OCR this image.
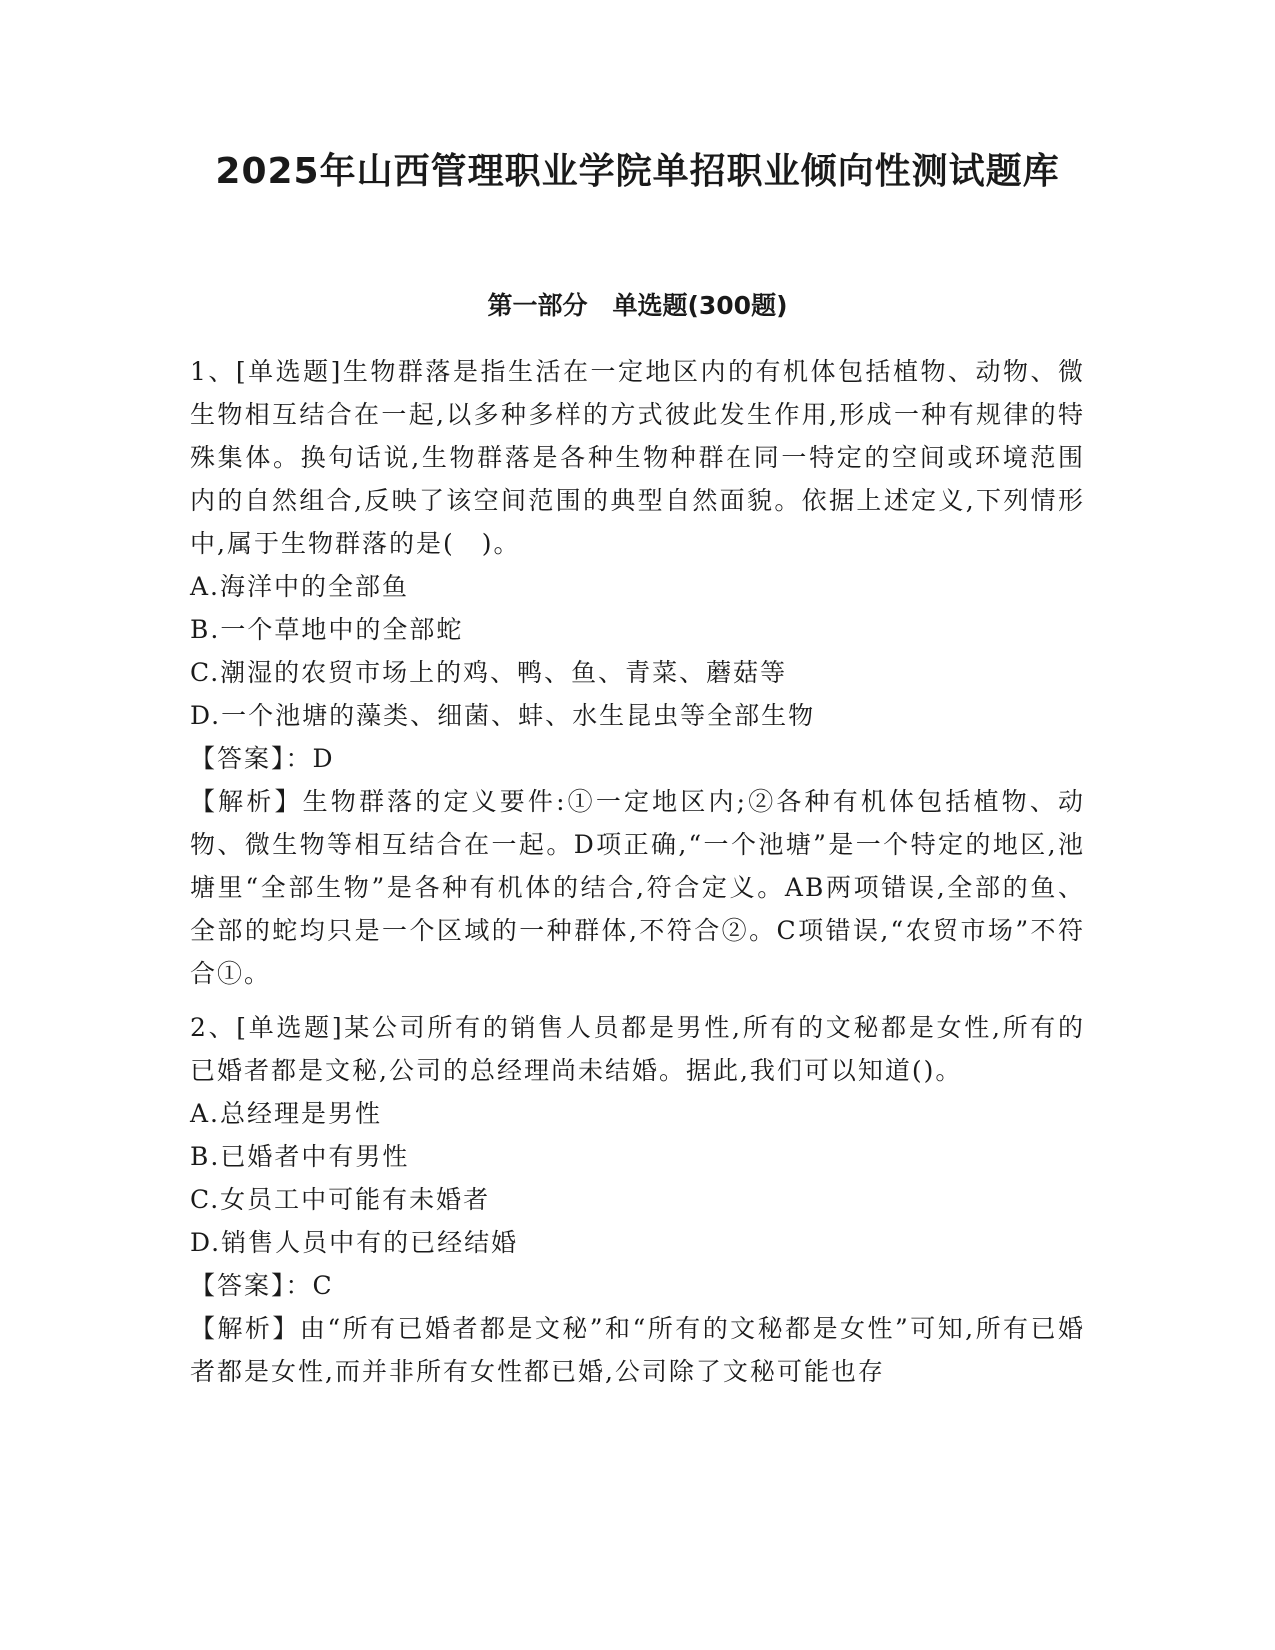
2025年山西管理职业学院单招职业倾向性测试题库
第一部分　单选题(300题)

1、[单选题]生物群落是指生活在一定地区内的有机体包括植物、动物、微生物相互结合在一起,以多种多样的方式彼此发生作用,形成一种有规律的特殊集体。换句话说,生物群落是各种生物种群在同一特定的空间或环境范围内的自然组合,反映了该空间范围的典型自然面貌。依据上述定义,下列情形中,属于生物群落的是(　)。

A.海洋中的全部鱼
B.一个草地中的全部蛇
C.潮湿的农贸市场上的鸡、鸭、鱼、青菜、蘑菇等
D.一个池塘的藻类、细菌、蚌、水生昆虫等全部生物

【答案】：D

【解析】生物群落的定义要件:①一定地区内;②各种有机体包括植物、动物、微生物等相互结合在一起。D项正确,“一个池塘”是一个特定的地区,池塘里“全部生物”是各种有机体的结合,符合定义。AB两项错误,全部的鱼、全部的蛇均只是一个区域的一种群体,不符合②。C项错误,“农贸市场”不符合①。

2、[单选题]某公司所有的销售人员都是男性,所有的文秘都是女性,所有的已婚者都是文秘,公司的总经理尚未结婚。据此,我们可以知道()。

A.总经理是男性
B.已婚者中有男性
C.女员工中可能有未婚者
D.销售人员中有的已经结婚

【答案】：C

【解析】由“所有已婚者都是文秘”和“所有的文秘都是女性”可知,所有已婚者都是女性,而并非所有女性都已婚,公司除了文秘可能也存
